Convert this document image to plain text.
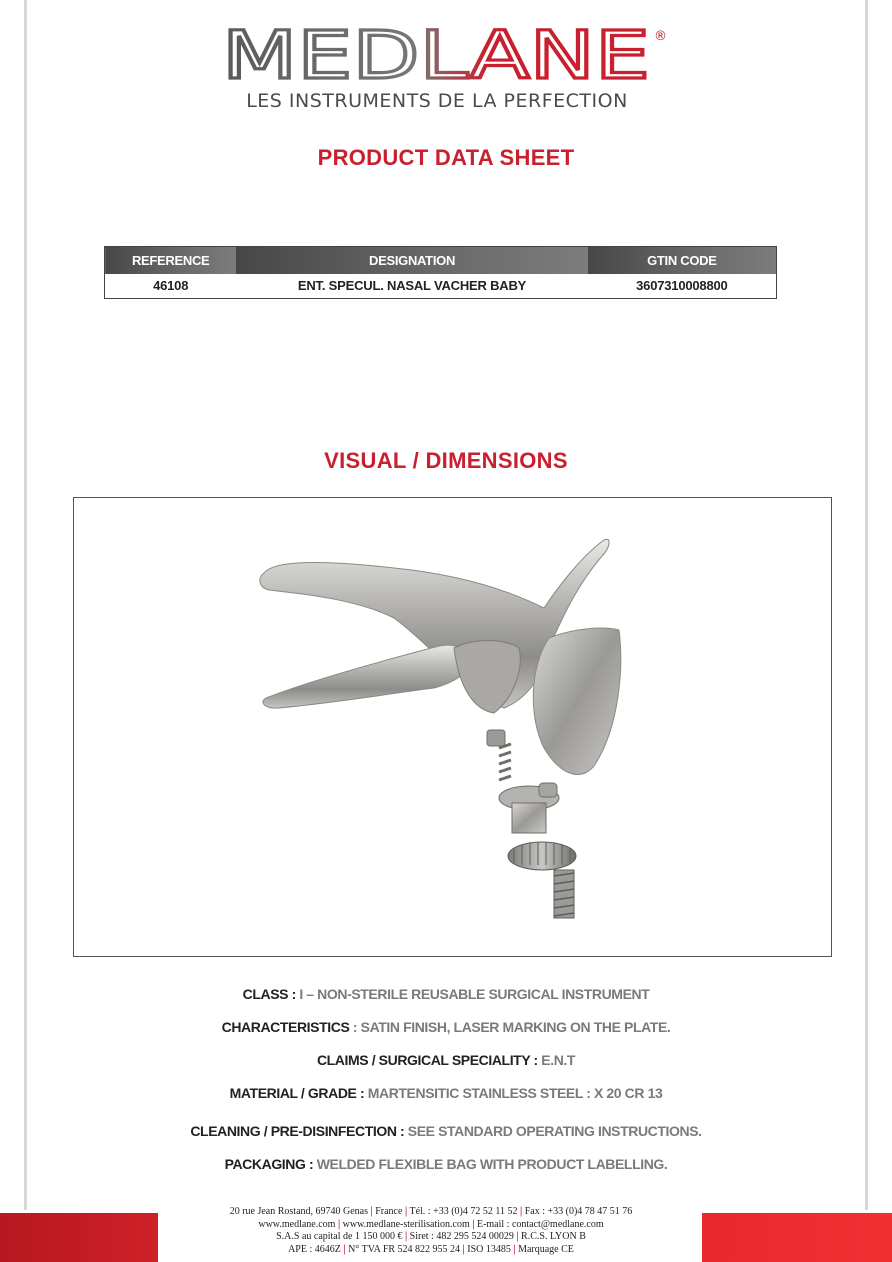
MEDLANE ®
LES INSTRUMENTS DE LA PERFECTION
PRODUCT DATA SHEET
REFERENCE	DESIGNATION	GTIN CODE
46108	ENT. SPECUL. NASAL VACHER BABY	3607310008800
VISUAL / DIMENSIONS
CLASS : I – NON-STERILE REUSABLE SURGICAL INSTRUMENT
CHARACTERISTICS : SATIN FINISH, LASER MARKING ON THE PLATE.
CLAIMS / SURGICAL SPECIALITY : E.N.T
MATERIAL / GRADE : MARTENSITIC STAINLESS STEEL : X 20 CR 13
CLEANING / PRE-DISINFECTION : SEE STANDARD OPERATING INSTRUCTIONS.
PACKAGING : WELDED FLEXIBLE BAG WITH PRODUCT LABELLING.
20 rue Jean Rostand, 69740 Genas | France | Tél. : +33 (0)4 72 52 11 52 | Fax : +33 (0)4 78 47 51 76
www.medlane.com | www.medlane-sterilisation.com | E-mail : contact@medlane.com
S.A.S au capital de 1 150 000 € | Siret : 482 295 524 00029 | R.C.S. LYON B
APE : 4646Z | N° TVA FR 524 822 955 24 | ISO 13485 | Marquage CE
